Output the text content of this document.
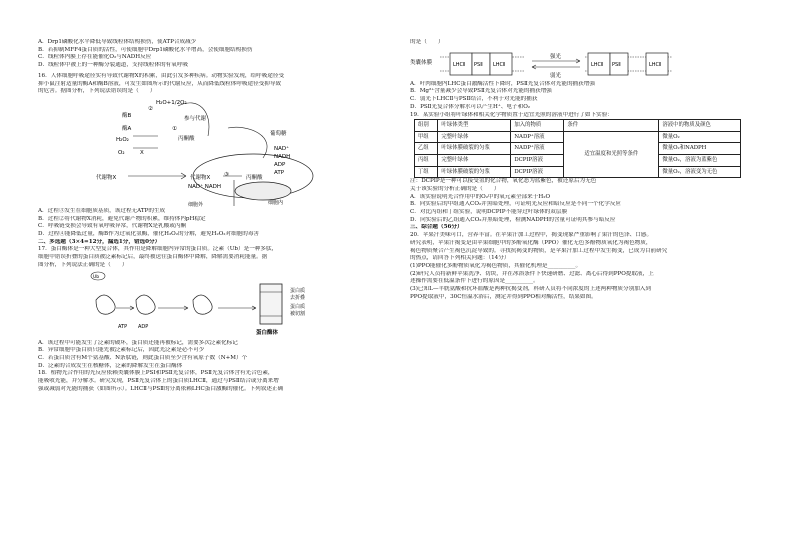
A．Drp1磷酸化水平降低导致线粒体结构损伤，使ATP合成减少
B．若抑制MFF4蛋白质的活性，可使细胞中Drp1磷酸化水平增高，会使细胞结构损伤
C．线粒体内膜上存在能催化O₂与NADH反应
D．线粒体中被上的一种酶分裂通道，支持线粒体的有氧呼吸
16．人体细胞呼吸途径实有导致代谢物X的积累，由此引发多种疾病。动物实验发现，给呼吸途径受
抑小鼠注射适量的酶A和酶B溶液，可发生如图所示的代谢反应，从而降低线粒体呼吸途径受抑导致
的危害。据图分析，下列说法错误的是（　　）
H₂O+1/2O₂
参与代谢
酶B
酶A
H₂O₂
O₂	X
①
②
③
丙酮酸
葡萄糖
NAD⁺
NADH
ADP
ATP
代谢物X	代谢物X	丙酮酸
NAD⁺ NADH
细胞内
细胞外
A．过程③发生在细胞质基质，该过程无ATP的生成
B．过程②将代谢物X消耗，避免代谢产物的积累，维持体内pH稳定
C．呼吸链受损会导致有氧呼吸异常，代谢物X是乳酸或丙酮
D．过程④能降低过量，酶B作为过氧化氢酶，催化H₂O₂的分解，避免H₂O₂对细胞的毒害
二、多选题（3×4=12分，漏选1分，错选0分）
17．蛋白酶体是一种大型复合体，其作用是降解细胞内异常的蛋白质。泛素（Ub）是一种多肽，
细胞中错误折叠的蛋白质被泛素标记后，最终被送往蛋白酶体中降解，降解需要消耗能量。据
图分析，下列说法正确的是（　　）
Ub
ATP ADP
蛋白质
去折叠
蛋白质
被切割
蛋白酶体
A．该过程中可能发生了泛素的破坏，蛋白质还能再被标记，需要多次泛素化标记
B．异常细胞中蛋白质只能先被泛素标记后，因此光泛素是必不可少
C．若蛋白质含有M个氨基酸、N条肽链，则此蛋白质至少含有氧原子数（N+M）个
D．泛素的合成发生在核糖体，泛素的降解发生在蛋白酶体
18．植物光合作用的光反应依赖类囊体膜上PSⅠ和PSⅡ光复合体，PSⅡ光复合体含有光合色素，
能吸收光能，并分解水。研究发现，PSⅡ光复合体上的蛋白质LHCⅡ，通过与PSⅡ结合或分离来增
强或减弱对光能的捕获（如图所示）。LHCⅡ与PSⅡ的分离依赖LHC蛋白激酶的催化。下列叙述正确
的是（　　）
类囊体膜	LHCⅡ PSⅡ LHCⅡ
强光
弱光
LHCⅡ PSⅡ	LHCⅡ
A．叶肉细胞内LHC蛋白激酶活性下降时，PSⅡ光复合体对光能的捕获增强
B．Mg²⁺含量减少会导致PSⅡ光复合体对光能的捕获增强
C．弱光下LHCⅡ与PSⅡ结合，不利于对光能的捕获
D．PSⅡ光复合体分解水可以产生H⁺、电子和O₂
19．某实验小组将叶绿体和相关化学物质置于适宜光照的溶液中进行了如下实验：
组别	叶绿体类型	加入的物质	条件	溶液中的物质及颜色
甲组	完整叶绿体	NADP⁺溶液	适宜温度和光照等条件	微量O₂
乙组	叶绿体膜破裂的匀浆	NADP⁺溶液		微量O₂和NADPH
丙组	完整叶绿体	DCPIP溶液		微量O₂，溶液为蓝紫色
丁组	叶绿体膜破裂的匀浆	DCPIP溶液		微量O₂，溶液变为无色
注：DCPIP是一种可以接受氢的化合物，氧化态为蓝紫色，被还原后为无色
关于该实验的分析正确的是（　　）
A．该实验说明光合作用中的O₂中的氧元素全部来于H₂O
B．向实验后的甲组通入CO₂并黑暗处理，可证明光反应和暗反应是不同一个化学反应
C．对比丙组和丁组实验，说明DCPIP不能穿过叶绿体的双层膜
D．向实验后的乙组通入CO₂并黑暗处理，检测NADPH的含量可证明其参与暗反应
三、综合题（56分）
20．苹果汁美味可口，营养丰富。在苹果汁加工过程中，揭变现象严重影响了果汁的色泽、口感。
研究表明，苹果汁揭变是由苹果细胞中的多酚氧化酶（PPO）催化无色多酚物质氧化为褐色物质，
褐色物质聚合产生褐色沉淀导致的。寻找抗褐变的物质，是苹果汁加工过程中发生揭变，已成为目前研究
的热点，请回答下列相关问题：（14分）
(1)PPO能催化多酚物质氧化为褐色物质，其催化机理是__________。
(2)研究人员将新鲜苹果洗净、切块，并在冰浴条件下快速研磨、过滤、离心后得到PPO提取液，上
述操作需要在低温条件下进行的原因是__________。
(3)已知L—半胱氨酸和抗坏血酸是两种抗揭变剂，科研人员将不同浓度的上述两种物质分别加入到
PPO提取液中，30C恒温水浴后，测定并得到PPO相对酶活性，结果如图。
